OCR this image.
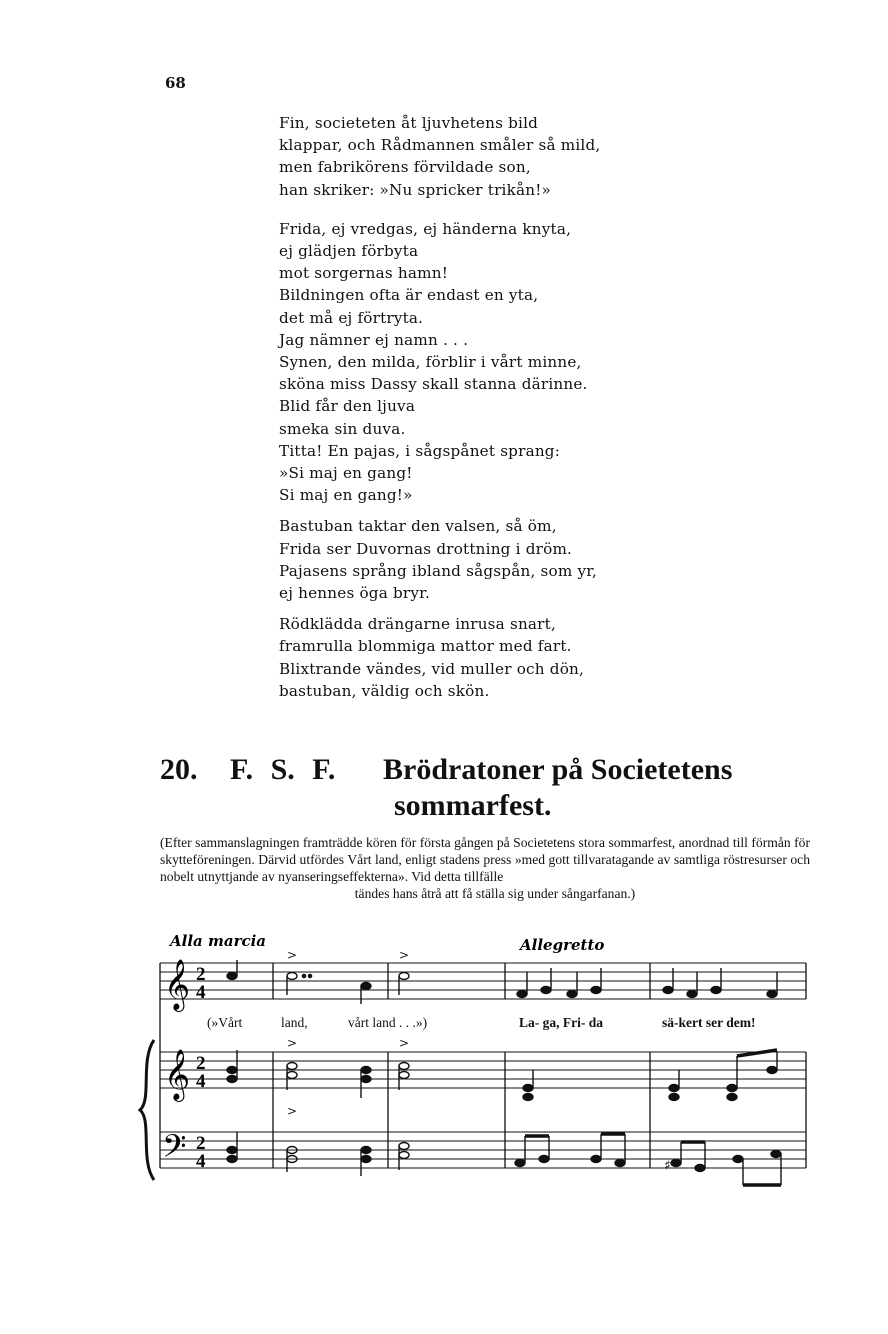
68
Fin, societeten åt ljuvhetens bild
klappar, och Rådmannen småler så mild,
men fabrikörens förvildade son,
han skriker: »Nu spricker trikån!»
Frida, ej vredgas, ej händerna knyta,
ej glädjen förbyta
mot sorgernas hamn!
Bildningen ofta är endast en yta,
det må ej förtryta.
Jag nämner ej namn . . .
Synen, den milda, förblir i vårt minne,
sköna miss Dassy skall stanna därinne.
Blid får den ljuva
smeka sin duva.
Titta! En pajas, i sågspånet sprang:
»Si maj en gang!
Si maj en gang!»
Bastuban taktar den valsen, så öm,
Frida ser Duvornas drottning i dröm.
Pajasens språng ibland sågspån, som yr,
ej hennes öga bryr.
Rödklädda drängarne inrusa snart,
framrulla blommiga mattor med fart.
Blixtrande vändes, vid muller och dön,
bastuban, väldig och skön.
20. F. S. F. Brödratoner på Societetens
sommarfest.
(Efter sammanslagningen framträdde kören för första gången på Societetens stora sommarfest, anordnad till förmån för skytteföreningen. Därvid utfördes Vårt land, enligt stadens press »med gott tillvaratagande av samtliga röstresurser och nobelt utnyttjande av nyanseringseffekterna». Vid detta tillfälle
tändes hans åtrå att få ställa sig under sångarfanan.)
Alla marcia	Allegretto
𝄞
𝄞
𝄢
2
4
2
4
2
4
>	>
>	>
>
♯
(»Vårt	land,	vårt land . . .»)	La- ga, Fri- da	sä-kert ser dem!
